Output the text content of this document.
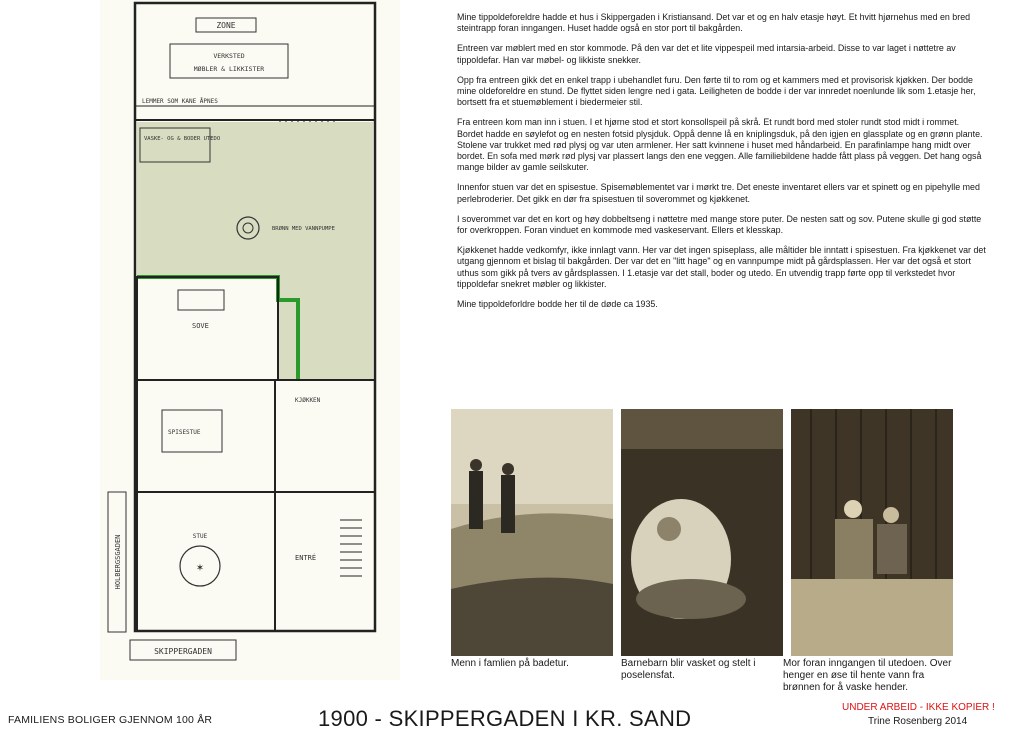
ZONE
VERKSTED
MØBLER & LIKKISTER
LEMMER SOM KANE ÅPNES
VASKE- OG & BODER UTEDO
BRØNN MED VANNPUMPE
SOVE
SPISESTUE
KJØKKEN
✶
STUE
ENTRÉ
SKIPPERGADEN
HOLBERGSGADEN

Mine tippoldeforeldre hadde et hus i Skippergaden i Kristiansand. Det var et og en halv etasje høyt. Et hvitt hjørnehus med en bred steintrapp foran inngangen. Huset hadde også en stor port til bakgården.

Entreen var møblert med en stor kommode. På den var det et lite vippespeil med intarsia-arbeid. Disse to var laget i nøttetre av tippoldefar. Han var møbel- og likkiste snekker.

Opp fra entreen gikk det en enkel trapp i ubehandlet furu. Den førte til to rom og et kammers med et provisorisk kjøkken. Der bodde mine oldeforeldre en stund. De flyttet siden lengre ned i gata. Leiligheten de bodde i der var innredet noenlunde lik som 1.etasje her, bortsett fra et stuemøblement i biedermeier stil.

Fra entreen kom man inn i stuen. I et hjørne stod et stort konsollspeil på skrå. Et rundt bord med stoler rundt stod midt i rommet. Bordet hadde en søylefot og en nesten fotsid plysjduk. Oppå denne lå en kniplingsduk, på den igjen en glassplate og en grønn plante. Stolene var trukket med rød plysj og var uten armlener. Her satt kvinnene i huset med håndarbeid. En parafinlampe hang midt over bordet. En sofa med mørk rød plysj var plassert langs den ene veggen. Alle familiebildene hadde fått plass på veggen. Det hang også mange bilder av gamle seilskuter.

Innenfor stuen var det en spisestue. Spisemøblementet var i mørkt tre. Det eneste inventaret ellers var et spinett og en pipehylle med perlebroderier. Det gikk en dør fra spisestuen til soverommet og kjøkkenet.

I soverommet var det en kort og høy dobbeltseng i nøttetre med mange store puter. De nesten satt og sov. Putene skulle gi god støtte for overkroppen. Foran vinduet en kommode med vaskeservant. Ellers et klesskap.

Kjøkkenet hadde vedkomfyr, ikke innlagt vann. Her var det ingen spiseplass, alle måltider ble inntatt i spisestuen. Fra kjøkkenet var det utgang gjennom et bislag til bakgården. Der var det en "litt hage" og en vannpumpe midt på gårdsplassen. Her var det også et stort uthus som gikk på tvers av gårdsplassen. I 1.etasje var det stall, boder og utedo. En utvendig trapp førte opp til verkstedet hvor tippoldefar snekret møbler og likkister.

Mine tippoldeforldre bodde her til de døde ca 1935.

Menn i famlien på badetur.	Barnebarn blir vasket og stelt i poselensfat.
Mor foran inngangen til utedoen. Over henger en øse til hente vann fra brønnen for å vaske hender.
FAMILIENS BOLIGER GJENNOM 100 ÅR	1900 - SKIPPERGADEN I KR. SAND	UNDER ARBEID - IKKE KOPIER !
Trine Rosenberg 2014
